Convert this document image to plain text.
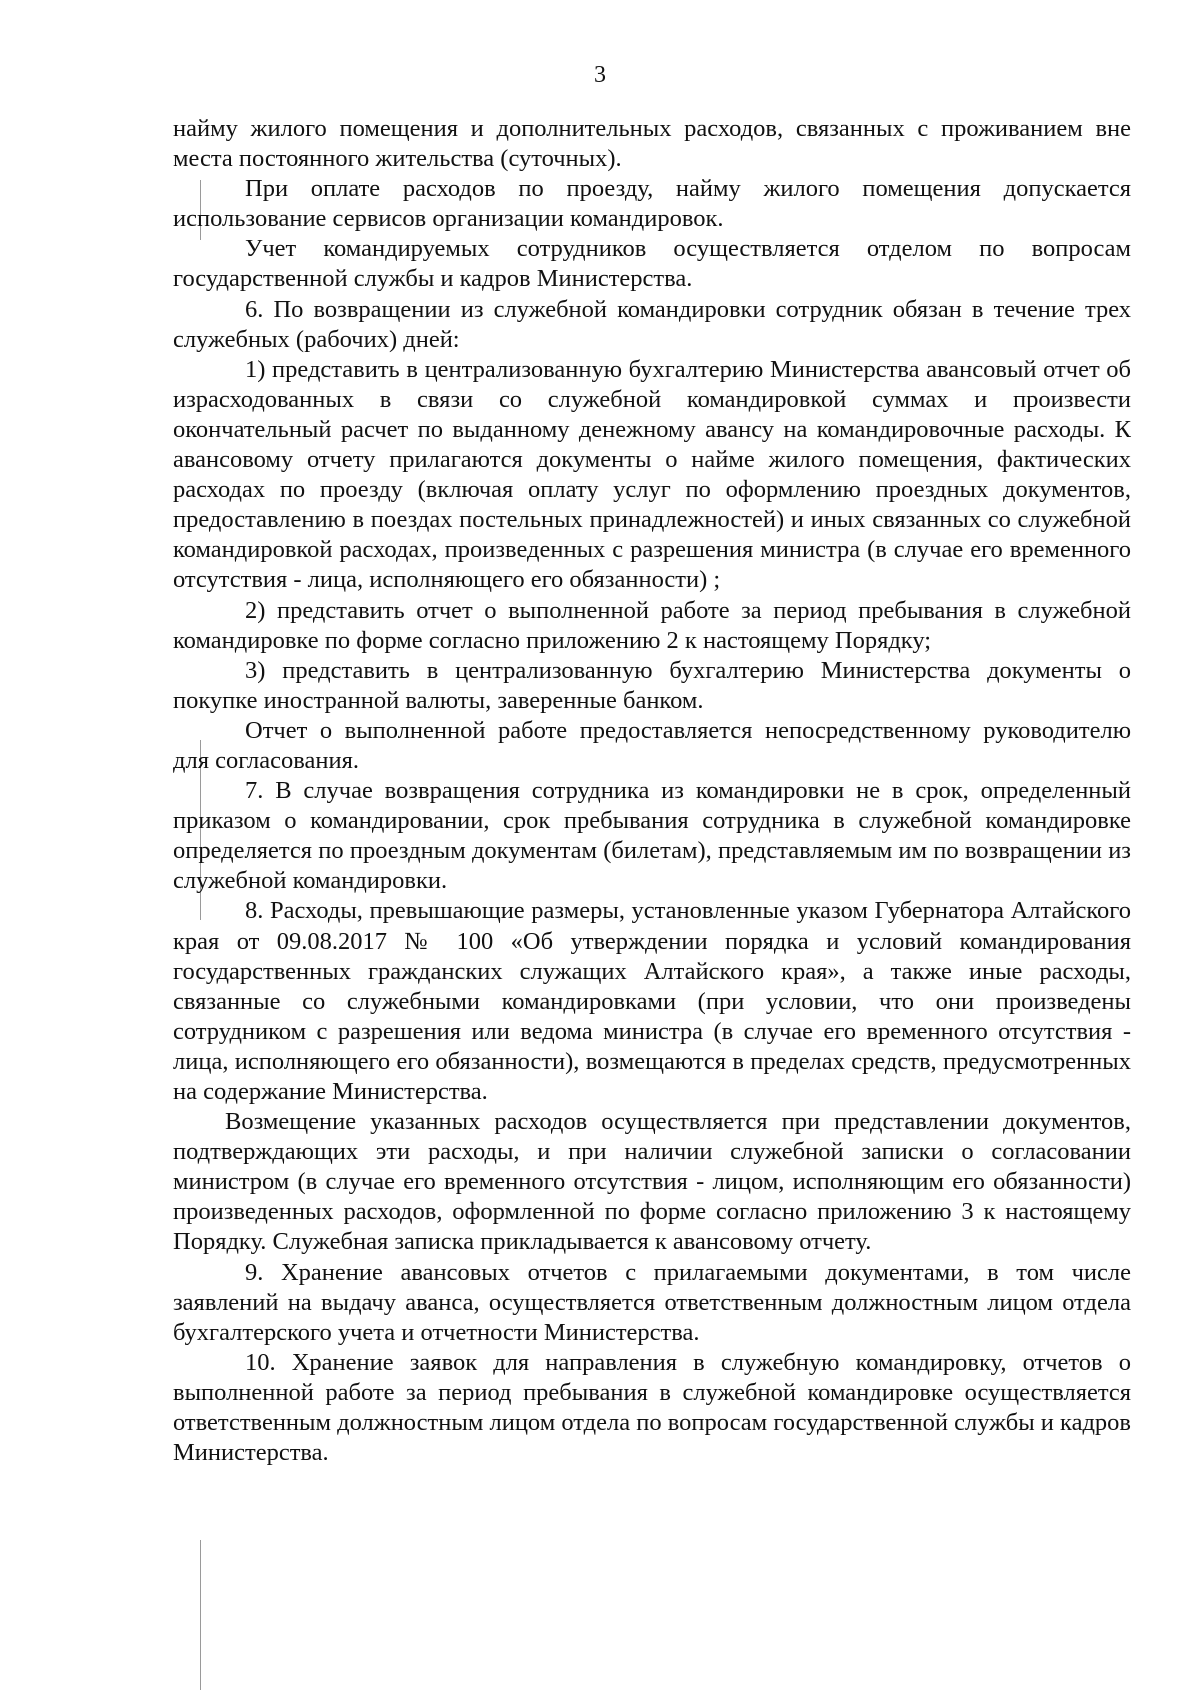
3

найму жилого помещения и дополнительных расходов, связанных с проживанием вне места постоянного жительства (суточных).

При оплате расходов по проезду, найму жилого помещения допускается использование сервисов организации командировок.

Учет командируемых сотрудников осуществляется отделом по вопросам государственной службы и кадров Министерства.

6. По возвращении из служебной командировки сотрудник обязан в течение трех служебных (рабочих) дней:

1) представить в централизованную бухгалтерию Министерства авансовый отчет об израсходованных в связи со служебной командировкой суммах и произвести окончательный расчет по выданному денежному авансу на командировочные расходы. К авансовому отчету прилагаются документы о найме жилого помещения, фактических расходах по проезду (включая оплату услуг по оформлению проездных документов, предоставлению в поездах постельных принадлежностей) и иных связанных со служебной командировкой расходах, произведенных с разрешения министра (в случае его временного отсутствия - лица, исполняющего его обязанности) ;

2) представить отчет о выполненной работе за период пребывания в служебной командировке по форме согласно приложению 2 к настоящему Порядку;

3) представить в централизованную бухгалтерию Министерства документы о покупке иностранной валюты, заверенные банком.

Отчет о выполненной работе предоставляется непосредственному руководителю для согласования.

7. В случае возвращения сотрудника из командировки не в срок, определенный приказом о командировании, срок пребывания сотрудника в служебной командировке определяется по проездным документам (билетам), представляемым им по возвращении из служебной командировки.

8. Расходы, превышающие размеры, установленные указом Губернатора Алтайского края от 09.08.2017 № 100 «Об утверждении порядка и условий командирования государственных гражданских служащих Алтайского края», а также иные расходы, связанные со служебными командировками (при условии, что они произведены сотрудником с разрешения или ведома министра (в случае его временного отсутствия - лица, исполняющего его обязанности), возмещаются в пределах средств, предусмотренных на содержание Министерства.

Возмещение указанных расходов осуществляется при представлении документов, подтверждающих эти расходы, и при наличии служебной записки о согласовании министром (в случае его временного отсутствия - лицом, исполняющим его обязанности) произведенных расходов, оформленной по форме согласно приложению 3 к настоящему Порядку. Служебная записка прикладывается к авансовому отчету.

9. Хранение авансовых отчетов с прилагаемыми документами, в том числе заявлений на выдачу аванса, осуществляется ответственным должностным лицом отдела бухгалтерского учета и отчетности Министерства.

10. Хранение заявок для направления в служебную командировку, отчетов о выполненной работе за период пребывания в служебной командировке осуществляется ответственным должностным лицом отдела по вопросам государственной службы и кадров Министерства.
